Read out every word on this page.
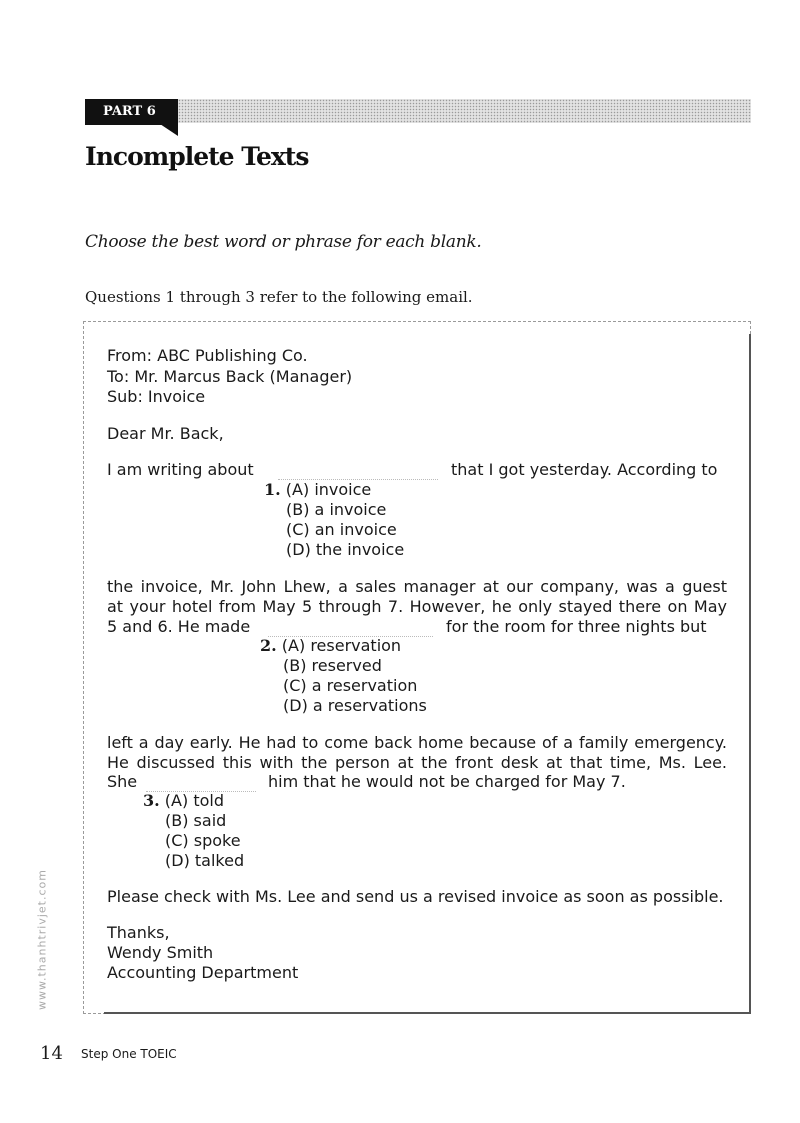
PART 6
Incomplete Texts
Choose the best word or phrase for each blank.
Questions 1 through 3 refer to the following email.
From: ABC Publishing Co.
To: Mr. Marcus Back (Manager)
Sub: Invoice
Dear Mr. Back,
I am writing about	that I got yesterday. According to
1. (A) invoice
(B) a invoice
(C) an invoice
(D) the invoice
the invoice, Mr. John Lhew, a sales manager at our company, was a guest
at your hotel from May 5 through 7. However, he only stayed there on May
5 and 6. He made	for the room for three nights but
2. (A) reservation
(B) reserved
(C) a reservation
(D) a reservations
left a day early. He had to come back home because of a family emergency.
He discussed this with the person at the front desk at that time, Ms. Lee.
She	him that he would not be charged for May 7.
3. (A) told
(B) said
(C) spoke
(D) talked
Please check with Ms. Lee and send us a revised invoice as soon as possible.
Thanks,
Wendy Smith
Accounting Department
www.thanhtrivjet.com
14 Step One TOEIC
